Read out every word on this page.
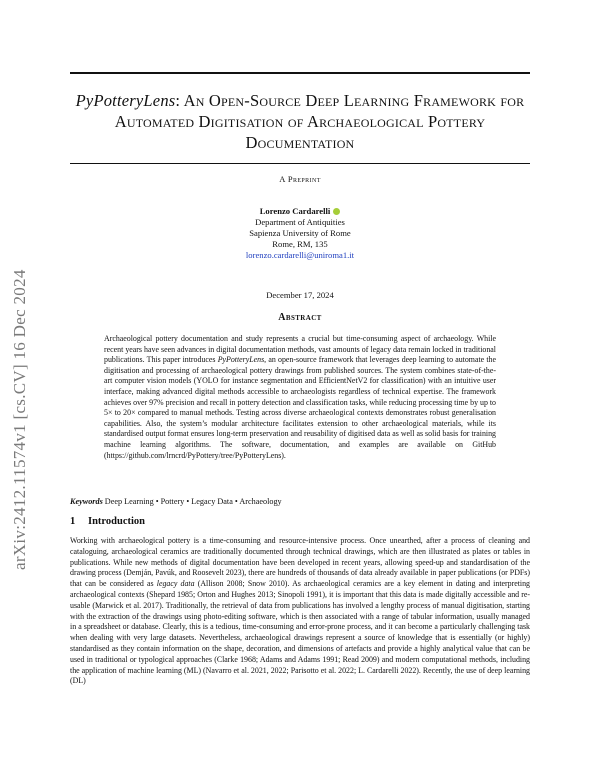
arXiv:2412.11574v1 [cs.CV] 16 Dec 2024
PyPotteryLens: An Open-Source Deep Learning Framework for Automated Digitisation of Archaeological Pottery Documentation
A Preprint
Lorenzo Cardarelli
Department of Antiquities
Sapienza University of Rome
Rome, RM, 135
lorenzo.cardarelli@uniroma1.it
December 17, 2024
Abstract
Archaeological pottery documentation and study represents a crucial but time-consuming aspect of archaeology. While recent years have seen advances in digital documentation methods, vast amounts of legacy data remain locked in traditional publications. This paper introduces PyPotteryLens, an open-source framework that leverages deep learning to automate the digitisation and processing of archaeological pottery drawings from published sources. The system combines state-of-the-art computer vision models (YOLO for instance segmentation and EfficientNetV2 for classification) with an intuitive user interface, making advanced digital methods accessible to archaeologists regardless of technical expertise. The framework achieves over 97% precision and recall in pottery detection and classification tasks, while reducing processing time by up to 5× to 20× compared to manual methods. Testing across diverse archaeological contexts demonstrates robust generalisation capabilities. Also, the system’s modular architecture facilitates extension to other archaeological materials, while its standardised output format ensures long-term preservation and reusability of digitised data as well as solid basis for training machine learning algorithms. The software, documentation, and examples are available on GitHub (https://github.com/lrncrd/PyPottery/tree/PyPotteryLens).
Keywords Deep Learning • Pottery • Legacy Data • Archaeology
1 Introduction
Working with archaeological pottery is a time-consuming and resource-intensive process. Once unearthed, after a process of cleaning and cataloguing, archaeological ceramics are traditionally documented through technical drawings, which are then illustrated as plates or tables in publications. While new methods of digital documentation have been developed in recent years, allowing speed-up and standardisation of the drawing process (Demján, Pavúk, and Roosevelt 2023), there are hundreds of thousands of data already available in paper publications (or PDFs) that can be considered as legacy data (Allison 2008; Snow 2010). As archaeological ceramics are a key element in dating and interpreting archaeological contexts (Shepard 1985; Orton and Hughes 2013; Sinopoli 1991), it is important that this data is made digitally accessible and re-usable (Marwick et al. 2017). Traditionally, the retrieval of data from publications has involved a lengthy process of manual digitisation, starting with the extraction of the drawings using photo-editing software, which is then associated with a range of tabular information, usually managed in a spreadsheet or database. Clearly, this is a tedious, time-consuming and error-prone process, and it can become a particularly challenging task when dealing with very large datasets. Nevertheless, archaeological drawings represent a source of knowledge that is essentially (or highly) standardised as they contain information on the shape, decoration, and dimensions of artefacts and provide a highly analytical value that can be used in traditional or typological approaches (Clarke 1968; Adams and Adams 1991; Read 2009) and modern computational methods, including the application of machine learning (ML) (Navarro et al. 2021, 2022; Parisotto et al. 2022; L. Cardarelli 2022). Recently, the use of deep learning (DL)
